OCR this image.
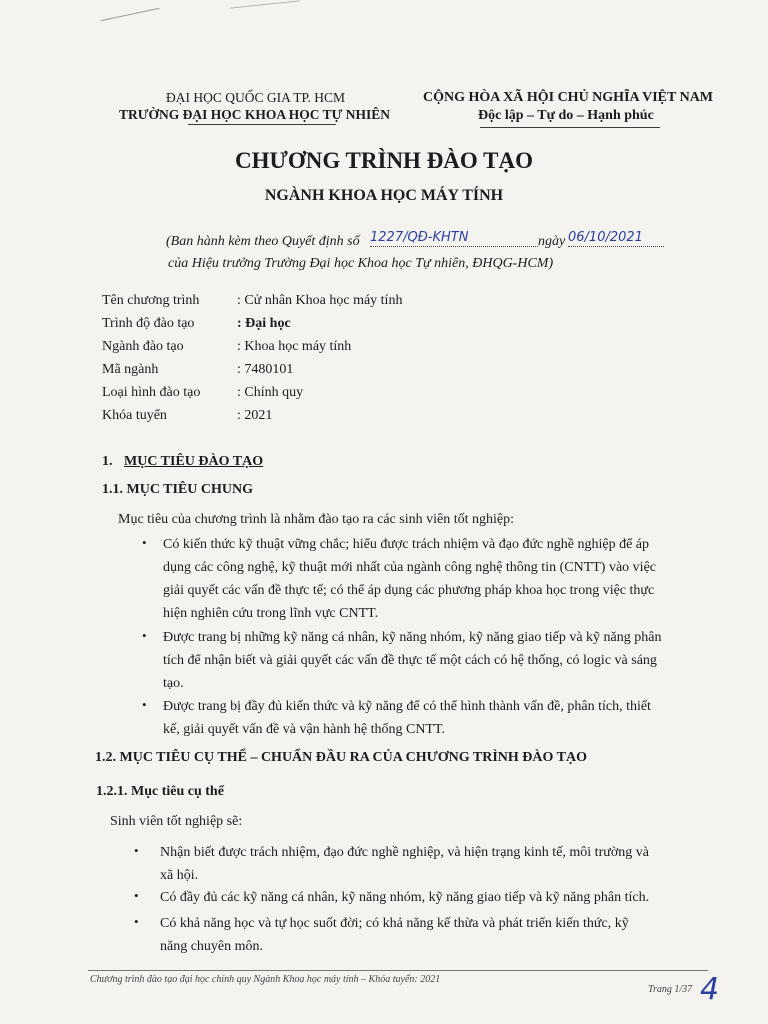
ĐẠI HỌC QUỐC GIA TP. HCM
TRƯỜNG ĐẠI HỌC KHOA HỌC TỰ NHIÊN
CỘNG HÒA XÃ HỘI CHỦ NGHĨA VIỆT NAM
Độc lập – Tự do – Hạnh phúc
CHƯƠNG TRÌNH ĐÀO TẠO
NGÀNH KHOA HỌC MÁY TÍNH
(Ban hành kèm theo Quyết định số 1227/QĐ-KHTN	ngày 06/10/2021
của Hiệu trưởng Trường Đại học Khoa học Tự nhiên, ĐHQG-HCM)
Tên chương trình	: Cử nhân Khoa học máy tính
Trình độ đào tạo	: Đại học
Ngành đào tạo	: Khoa học máy tính
Mã ngành	: 7480101
Loại hình đào tạo	: Chính quy
Khóa tuyển	: 2021
1. MỤC TIÊU ĐÀO TẠO
1.1. MỤC TIÊU CHUNG
Mục tiêu của chương trình là nhằm đào tạo ra các sinh viên tốt nghiệp:
• Có kiến thức kỹ thuật vững chắc; hiểu được trách nhiệm và đạo đức nghề nghiệp để áp
dụng các công nghệ, kỹ thuật mới nhất của ngành công nghệ thông tin (CNTT) vào việc
giải quyết các vấn đề thực tế; có thể áp dụng các phương pháp khoa học trong việc thực
hiện nghiên cứu trong lĩnh vực CNTT.
• Được trang bị những kỹ năng cá nhân, kỹ năng nhóm, kỹ năng giao tiếp và kỹ năng phân
tích để nhận biết và giải quyết các vấn đề thực tế một cách có hệ thống, có logic và sáng
tạo.
• Được trang bị đầy đủ kiến thức và kỹ năng để có thể hình thành vấn đề, phân tích, thiết
kế, giải quyết vấn đề và vận hành hệ thống CNTT.
1.2. MỤC TIÊU CỤ THỂ – CHUẨN ĐẦU RA CỦA CHƯƠNG TRÌNH ĐÀO TẠO
1.2.1. Mục tiêu cụ thể
Sinh viên tốt nghiệp sẽ:
• Nhận biết được trách nhiệm, đạo đức nghề nghiệp, và hiện trạng kinh tế, môi trường và
xã hội.
• Có đầy đủ các kỹ năng cá nhân, kỹ năng nhóm, kỹ năng giao tiếp và kỹ năng phân tích.
• Có khả năng học và tự học suốt đời; có khả năng kế thừa và phát triển kiến thức, kỹ
năng chuyên môn.
Chương trình đào tạo đại học chính quy Ngành Khoa học máy tính – Khóa tuyển: 2021
Trang 1/37 4
